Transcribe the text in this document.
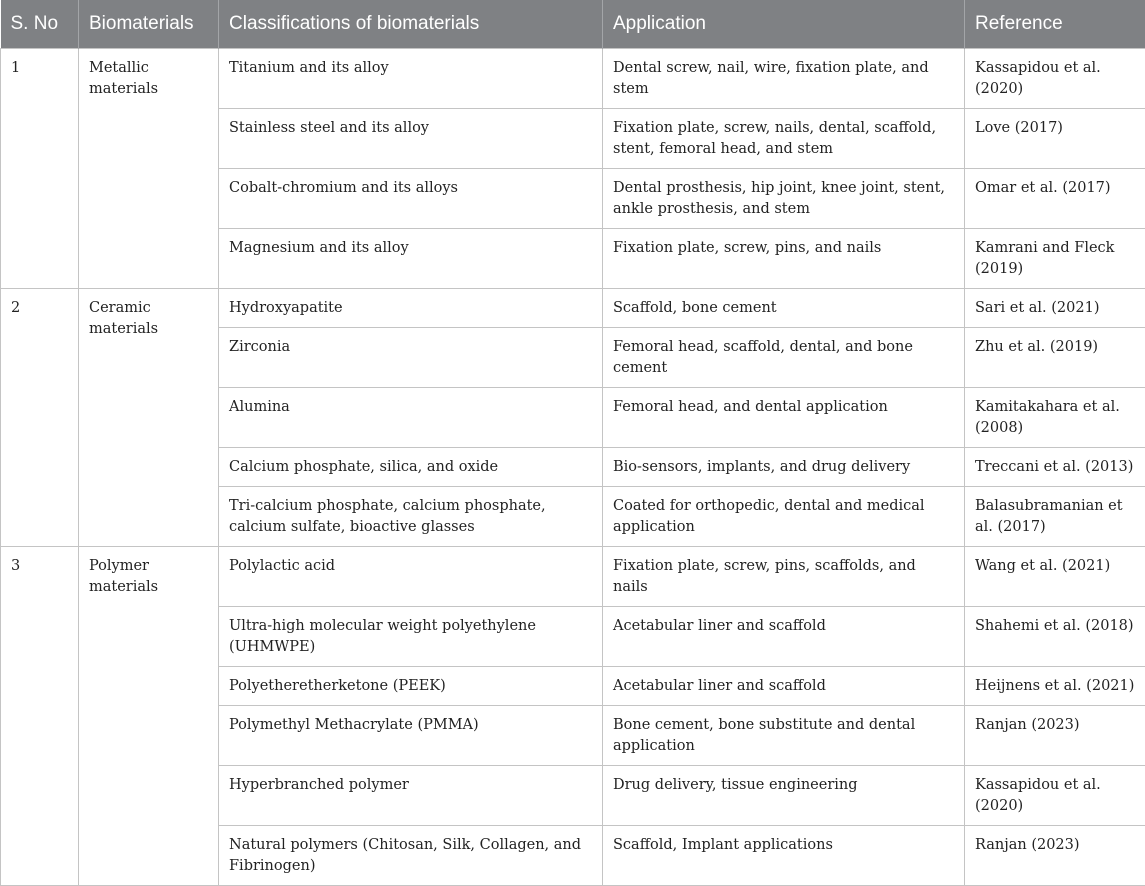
S. No	Biomaterials	Classifications of biomaterials	Application	Reference
1	Metallic materials	Titanium and its alloy	Dental screw, nail, wire, fixation plate, and stem	Kassapidou et al. (2020)
		Stainless steel and its alloy	Fixation plate, screw, nails, dental, scaffold, stent, femoral head, and stem	Love (2017)
		Cobalt-chromium and its alloys	Dental prosthesis, hip joint, knee joint, stent, ankle prosthesis, and stem	Omar et al. (2017)
		Magnesium and its alloy	Fixation plate, screw, pins, and nails	Kamrani and Fleck (2019)
2	Ceramic materials	Hydroxyapatite	Scaffold, bone cement	Sari et al. (2021)
		Zirconia	Femoral head, scaffold, dental, and bone cement	Zhu et al. (2019)
		Alumina	Femoral head, and dental application	Kamitakahara et al. (2008)
		Calcium phosphate, silica, and oxide	Bio-sensors, implants, and drug delivery	Treccani et al. (2013)
		Tri-calcium phosphate, calcium phosphate, calcium sulfate, bioactive glasses	Coated for orthopedic, dental and medical application	Balasubramanian et al. (2017)
3	Polymer materials	Polylactic acid	Fixation plate, screw, pins, scaffolds, and nails	Wang et al. (2021)
		Ultra-high molecular weight polyethylene (UHMWPE)	Acetabular liner and scaffold	Shahemi et al. (2018)
		Polyetheretherketone (PEEK)	Acetabular liner and scaffold	Heijnens et al. (2021)
		Polymethyl Methacrylate (PMMA)	Bone cement, bone substitute and dental application	Ranjan (2023)
		Hyperbranched polymer	Drug delivery, tissue engineering	Kassapidou et al. (2020)
		Natural polymers (Chitosan, Silk, Collagen, and Fibrinogen)	Scaffold, Implant applications	Ranjan (2023)
